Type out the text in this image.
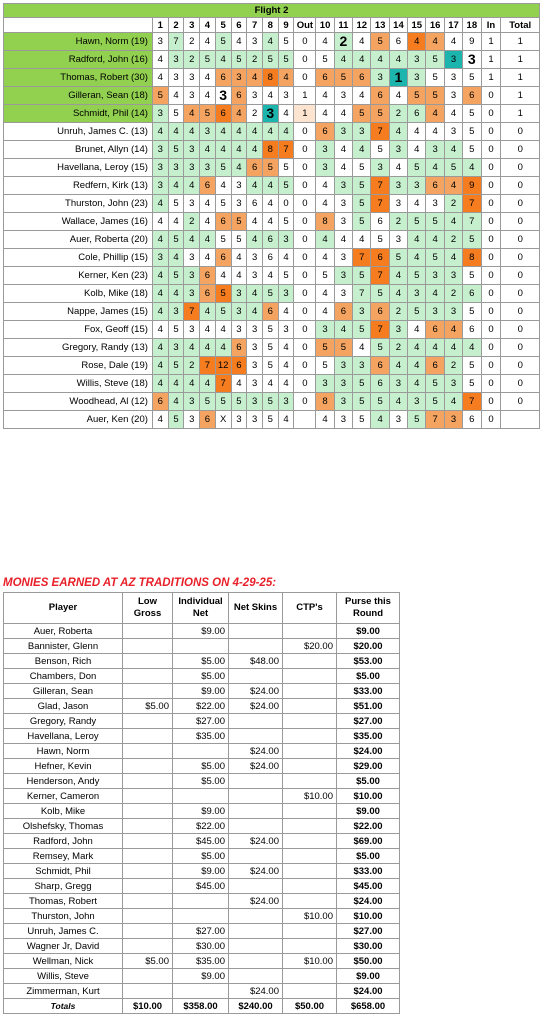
Flight 2																					
	1	2	3	4	5	6	7	8	9	Out	10	11	12	13	14	15	16	17	18	In	Total
Hawn, Norm (19)	3	7	2	4	5	4	3	4	5	0	4	2	4	5	6	4	4	4	9	1	1
Radford, John (16)	4	3	2	5	4	5	2	5	5	0	5	4	4	4	4	3	5	3	3	1	1
Thomas, Robert (30)	4	3	3	4	6	3	4	8	4	0	6	5	6	3	1	3	5	3	5	1	1
Gilleran, Sean (18)	5	4	3	4	3	6	3	4	3	1	4	3	4	6	4	5	5	3	6	0	1
Schmidt, Phil (14)	3	5	4	5	6	4	2	3	4	1	4	4	5	5	2	6	4	4	5	0	1
Unruh, James C. (13)	4	4	4	3	4	4	4	4	4	0	6	3	3	7	4	4	4	3	5	0	0
Brunet, Allyn (14)	3	5	3	4	4	4	4	8	7	0	3	4	4	5	3	4	3	4	5	0	0
Havellana, Leroy (15)	3	3	3	3	5	4	6	5	5	0	3	4	5	3	4	5	4	5	4	0	0
Redfern, Kirk (13)	3	4	4	6	4	3	4	4	5	0	4	3	5	7	3	3	6	4	9	0	0
Thurston, John (23)	4	5	3	4	5	3	6	4	0	0	4	3	5	7	3	4	3	2	7	0	0
Wallace, James (16)	4	4	2	4	6	5	4	4	5	0	8	3	5	6	2	5	5	4	7	0	0
Auer, Roberta (20)	4	5	4	4	5	5	4	6	3	0	4	4	4	5	3	4	4	2	5	0	0
Cole, Phillip (15)	3	4	3	4	6	4	3	6	4	0	4	3	7	6	5	4	5	4	8	0	0
Kerner, Ken (23)	4	5	3	6	4	4	3	4	5	0	5	3	5	7	4	5	3	3	5	0	0
Kolb, Mike (18)	4	4	3	6	5	3	4	5	3	0	4	3	7	5	4	3	4	2	6	0	0
Nappe, James (15)	4	3	7	4	5	3	4	6	4	0	4	6	3	6	2	5	3	3	5	0	0
Fox, Geoff (15)	4	5	3	4	4	3	3	5	3	0	3	4	5	7	3	4	6	4	6	0	0
Gregory, Randy (13)	4	3	4	4	4	6	3	5	4	0	5	5	4	5	2	4	4	4	4	0	0
Rose, Dale (19)	4	5	2	7	12	6	3	5	4	0	5	3	3	6	4	4	6	2	5	0	0
Willis, Steve (18)	4	4	4	4	7	4	3	4	4	0	3	3	5	6	3	4	5	3	5	0	0
Woodhead, Al (12)	6	4	3	5	5	5	3	5	3	0	8	3	5	5	4	3	5	4	7	0	0
Auer, Ken (20)	4	5	3	6	X	3	3	5	4		4	3	5	4	3	5	7	3	6	0	
Player	Low Gross	Individual Net	Net Skins	CTP's	Purse this Round
Auer, Roberta		$9.00			$9.00
Bannister, Glenn				$20.00	$20.00
Benson, Rich		$5.00	$48.00		$53.00
Chambers, Don		$5.00			$5.00
Gilleran, Sean		$9.00	$24.00		$33.00
Glad, Jason	$5.00	$22.00	$24.00		$51.00
Gregory, Randy		$27.00			$27.00
Havellana, Leroy		$35.00			$35.00
Hawn, Norm			$24.00		$24.00
Hefner, Kevin		$5.00	$24.00		$29.00
Henderson, Andy		$5.00			$5.00
Kerner, Cameron				$10.00	$10.00
Kolb, Mike		$9.00			$9.00
Olshefsky, Thomas		$22.00			$22.00
Radford, John		$45.00	$24.00		$69.00
Remsey, Mark		$5.00			$5.00
Schmidt, Phil		$9.00	$24.00		$33.00
Sharp, Gregg		$45.00			$45.00
Thomas, Robert			$24.00		$24.00
Thurston, John				$10.00	$10.00
Unruh, James C.		$27.00			$27.00
Wagner Jr, David		$30.00			$30.00
Wellman, Nick	$5.00	$35.00		$10.00	$50.00
Willis, Steve		$9.00			$9.00
Zimmerman, Kurt			$24.00		$24.00
Totals	$10.00	$358.00	$240.00	$50.00	$658.00

MONIES EARNED AT AZ TRADITIONS ON 4-29-25:
